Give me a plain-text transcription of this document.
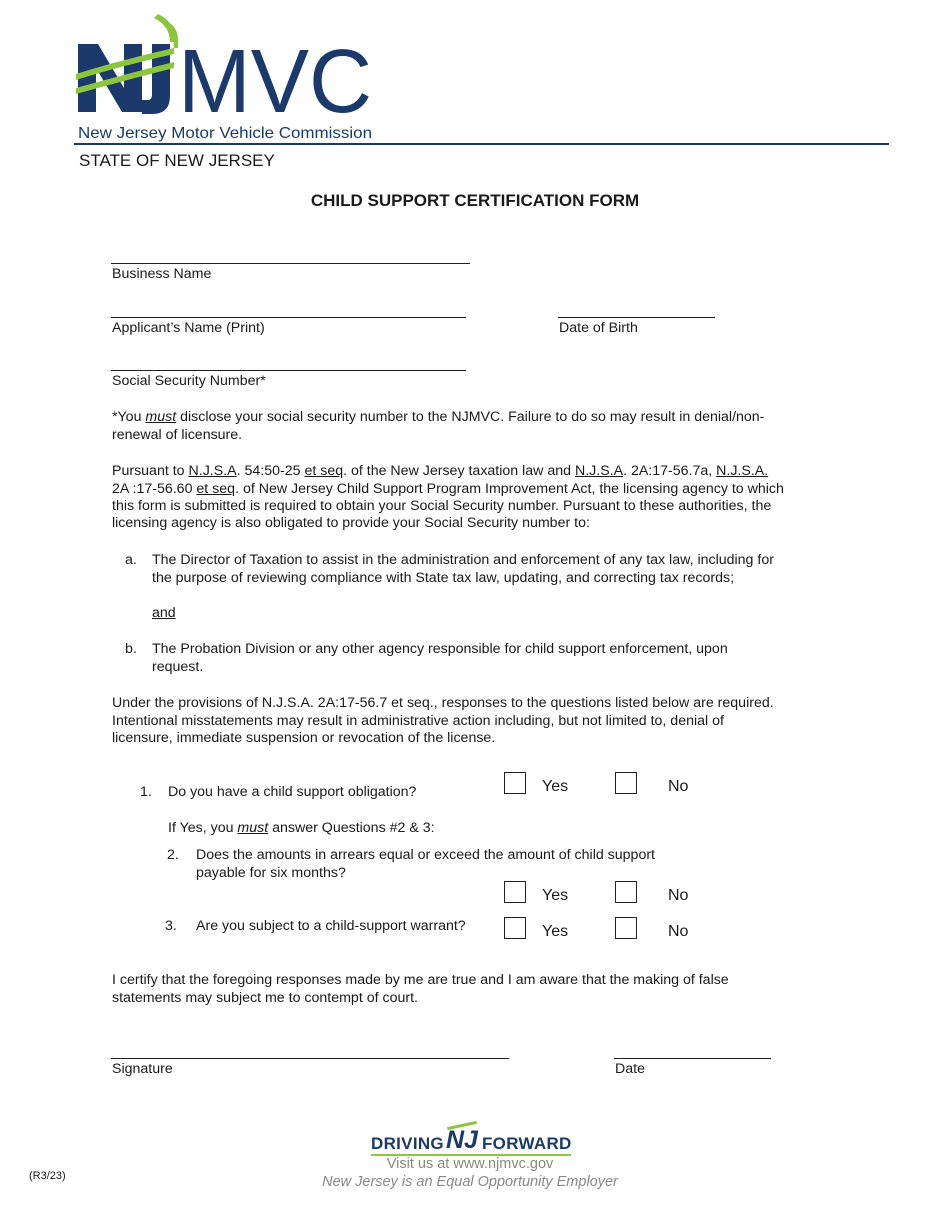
MVC
New Jersey Motor Vehicle Commission
STATE OF NEW JERSEY
CHILD SUPPORT CERTIFICATION FORM
Business Name
Applicant’s Name (Print)	Date of Birth
Social Security Number*
*You must disclose your social security number to the NJMVC. Failure to do so may result in denial/non-
renewal of licensure.
Pursuant to N.J.S.A. 54:50-25 et seq. of the New Jersey taxation law and N.J.S.A. 2A:17-56.7a, N.J.S.A.
2A :17-56.60 et seq. of New Jersey Child Support Program Improvement Act, the licensing agency to which
this form is submitted is required to obtain your Social Security number. Pursuant to these authorities, the
licensing agency is also obligated to provide your Social Security number to:
a. The Director of Taxation to assist in the administration and enforcement of any tax law, including for
the purpose of reviewing compliance with State tax law, updating, and correcting tax records;
and
b. The Probation Division or any other agency responsible for child support enforcement, upon
request.
Under the provisions of N.J.S.A. 2A:17-56.7 et seq., responses to the questions listed below are required.
Intentional misstatements may result in administrative action including, but not limited to, denial of
licensure, immediate suspension or revocation of the license.
1. Do you have a child support obligation?	Yes	No
If Yes, you must answer Questions #2 & 3:
2. Does the amounts in arrears equal or exceed the amount of child support
payable for six months?
Yes	No
3. Are you subject to a child-support warrant?	Yes	No
I certify that the foregoing responses made by me are true and I am aware that the making of false
statements may subject me to contempt of court.
Signature	Date
DRIVING NJ FORWARD
Visit us at www.njmvc.gov
New Jersey is an Equal Opportunity Employer
(R3/23)
